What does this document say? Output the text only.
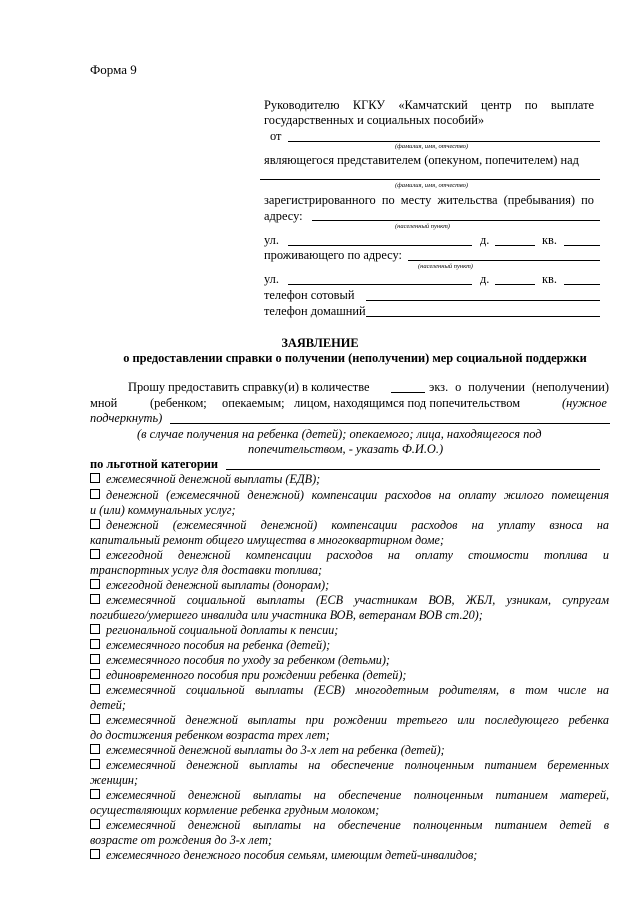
Форма 9
Руководителю КГКУ «Камчатский центр по выплате
государственных и социальных пособий»
от
(фамилия, имя, отчество)
являющегося представителем (опекуном, попечителем) над
(фамилия, имя, отчество)
зарегистрированного по месту жительства (пребывания) по
адресу:
(населенный пункт)
ул.	д.	кв.
проживающего по адресу:
(населенный пункт)
ул.	д.	кв.
телефон сотовый
телефон домашний
ЗАЯВЛЕНИЕ
о предоставлении справки о получении (неполучении) мер социальной поддержки
Прошу предоставить справку(и) в количестве	экз. о получении (неполучении)
мной	(ребенком; опекаемым; лицом, находящимся под попечительством	(нужное
подчеркнуть)
(в случае получения на ребенка (детей); опекаемого; лица, находящегося под
попечительством, - указать Ф.И.О.)
по льготной категории
ежемесячной денежной выплаты (ЕДВ);
денежной (ежемесячной денежной) компенсации расходов на оплату жилого помещения
и (или) коммунальных услуг;
денежной (ежемесячной денежной) компенсации расходов на уплату взноса на
капитальный ремонт общего имущества в многоквартирном доме;
ежегодной денежной компенсации расходов на оплату стоимости топлива и
транспортных услуг для доставки топлива;
ежегодной денежной выплаты (донорам);
ежемесячной социальной выплаты (ЕСВ участникам ВОВ, ЖБЛ, узникам, супругам
погибшего/умершего инвалида или участника ВОВ, ветеранам ВОВ ст.20);
региональной социальной доплаты к пенсии;
ежемесячного пособия на ребенка (детей);
ежемесячного пособия по уходу за ребенком (детьми);
единовременного пособия при рождении ребенка (детей);
ежемесячной социальной выплаты (ЕСВ) многодетным родителям, в том числе на
детей;
ежемесячной денежной выплаты при рождении третьего или последующего ребенка
до достижения ребенком возраста трех лет;
ежемесячной денежной выплаты до 3-х лет на ребенка (детей);
ежемесячной денежной выплаты на обеспечение полноценным питанием беременных
женщин;
ежемесячной денежной выплаты на обеспечение полноценным питанием матерей,
осуществляющих кормление ребенка грудным молоком;
ежемесячной денежной выплаты на обеспечение полноценным питанием детей в
возрасте от рождения до 3-х лет;
ежемесячного денежного пособия семьям, имеющим детей-инвалидов;
